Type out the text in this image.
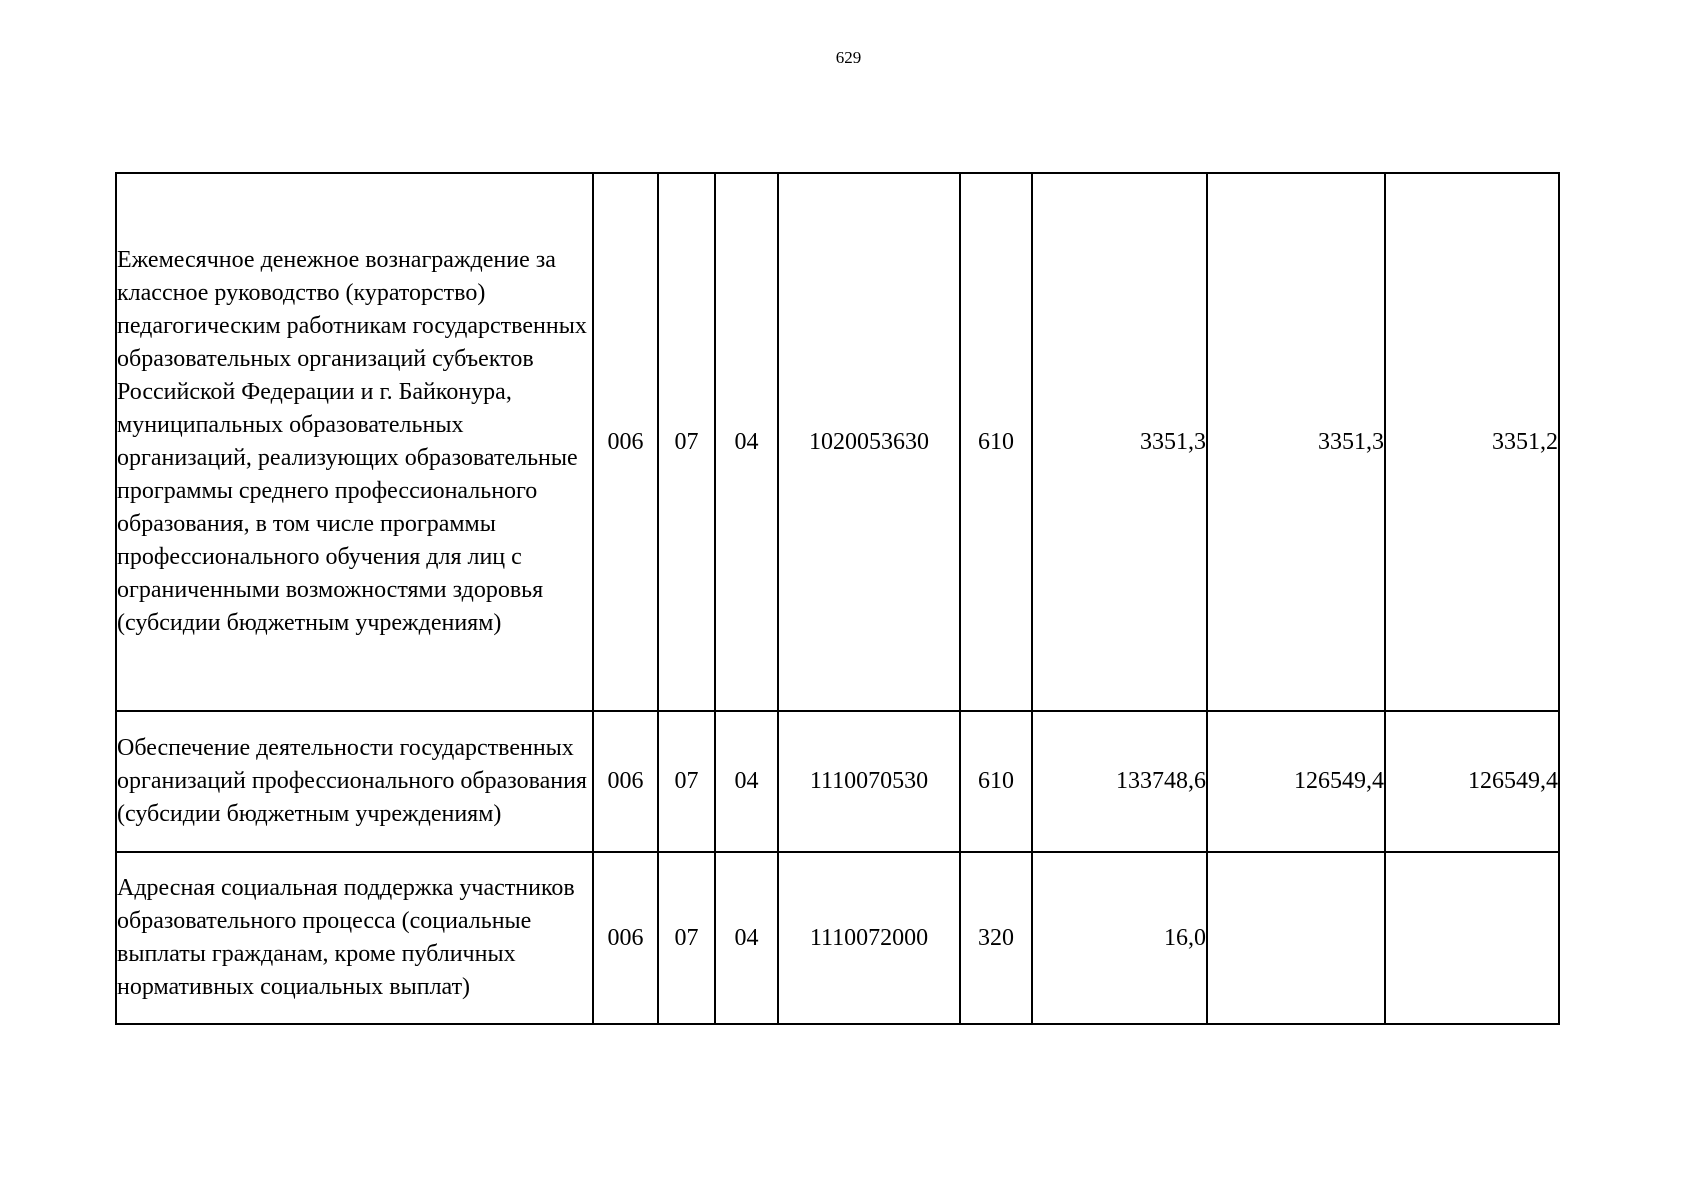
629
Ежемесячное денежное вознаграждение за классное руководство (кураторство) педагогическим работникам государственных образовательных организаций субъектов Российской Федерации и г. Байконура, муниципальных образовательных организаций, реализующих образовательные программы среднего профессионального образования, в том числе программы профессионального обучения для лиц с ограниченными возможностями здоровья (субсидии бюджетным учреждениям)	006	07	04	1020053630	610	3351,3	3351,3	3351,2
Обеспечение деятельности государственных организаций профессионального образования (субсидии бюджетным учреждениям)	006	07	04	1110070530	610	133748,6	126549,4	126549,4
Адресная социальная поддержка участников образовательного процесса (социальные выплаты гражданам, кроме публичных нормативных социальных выплат)	006	07	04	1110072000	320	16,0		
